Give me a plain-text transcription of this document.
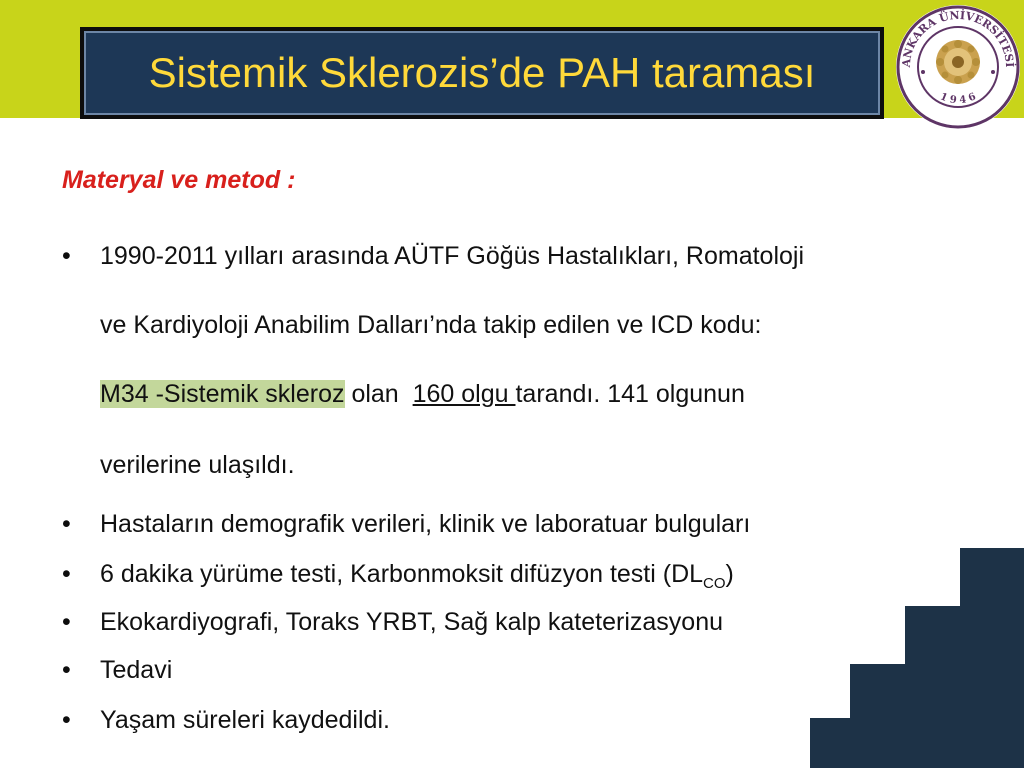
Sistemik Sklerozis’de PAH taraması	ANKARA ÜNİVERSİTESİ
1 9 4 6
Materyal ve metod :
• 1990-2011 yılları arasında AÜTF Göğüs Hastalıkları, Romatoloji
ve Kardiyoloji Anabilim Dalları’nda takip edilen ve ICD kodu:
M34 -Sistemik skleroz olan  160 olgu tarandı. 141 olgunun
verilerine ulaşıldı.
• Hastaların demografik verileri, klinik ve laboratuar bulguları
• 6 dakika yürüme testi, Karbonmoksit difüzyon testi $(DL_{CO})$
• Ekokardiyografi, Toraks YRBT, Sağ kalp kateterizasyonu
• Tedavi
• Yaşam süreleri kaydedildi.
